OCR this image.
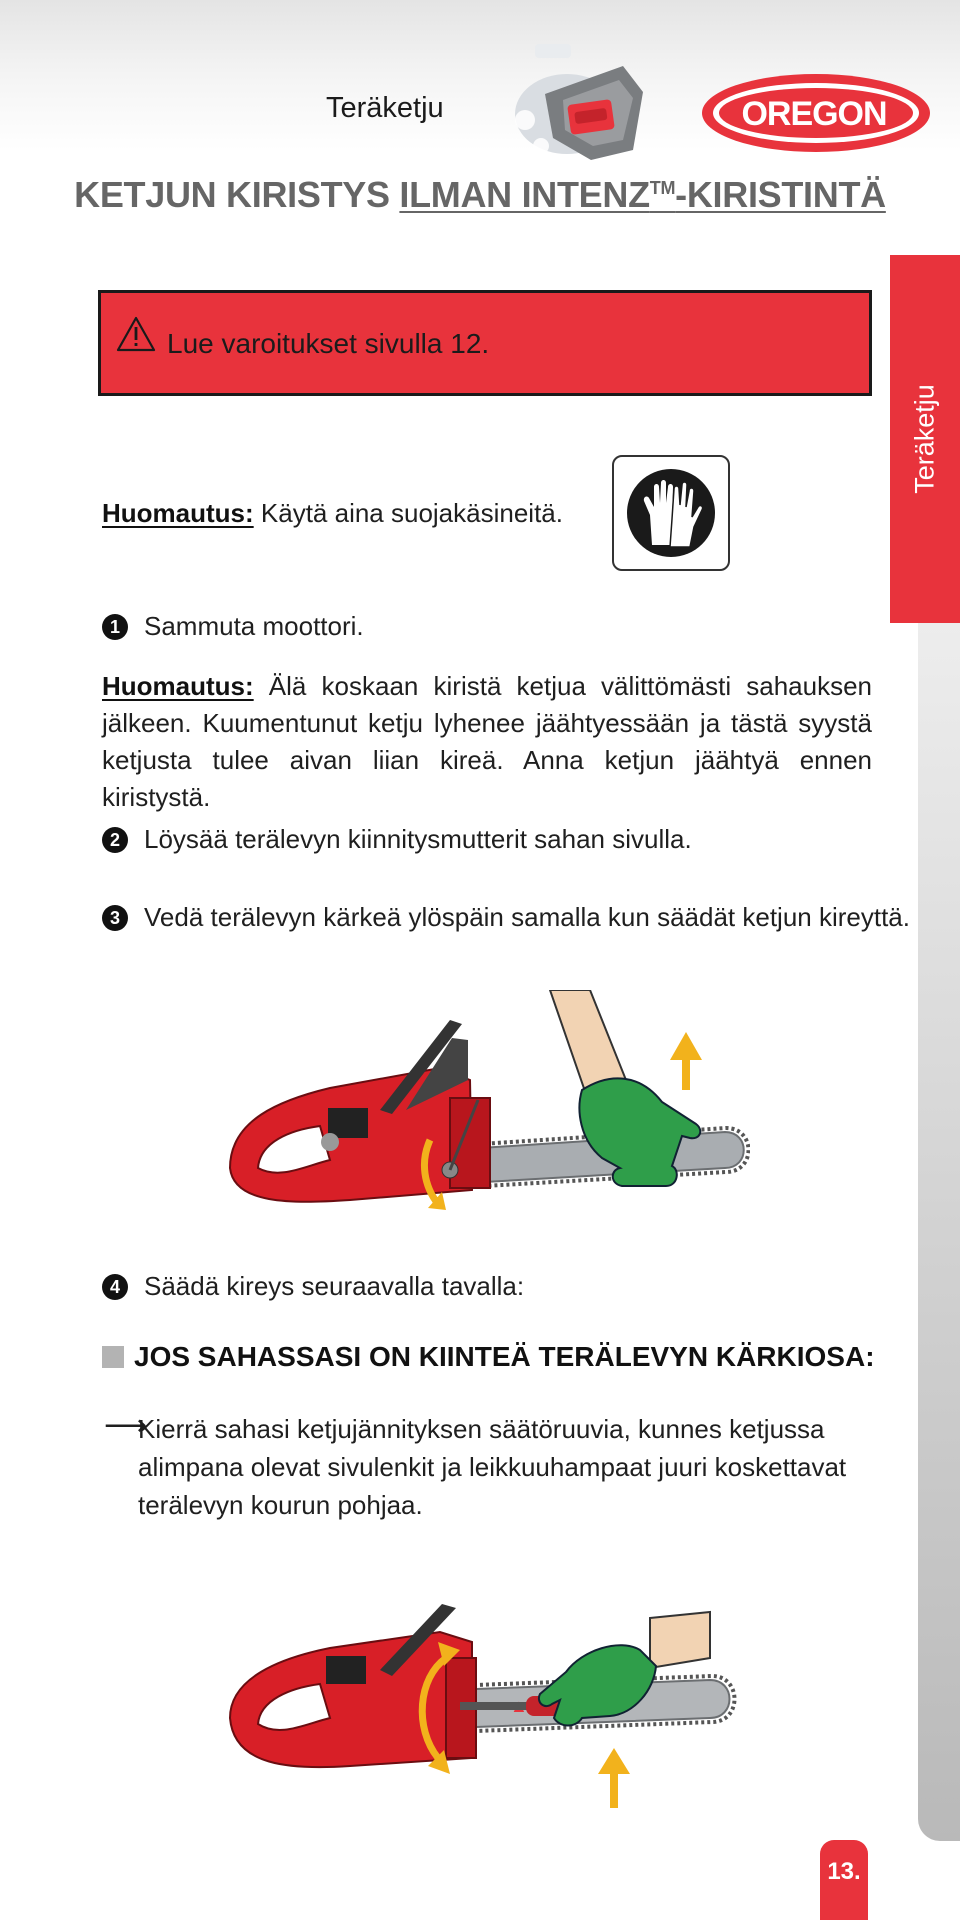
Teräketju	OREGON
KETJUN KIRISTYS ILMAN INTENZ™-KIRISTINTÄ
Teräketju
Lue varoitukset sivulla 12.
Huomautus: Käytä aina suojakäsineitä.
1 Sammuta moottori.
Huomautus: Älä koskaan kiristä ketjua välittömästi sahauksen jälkeen. Kuumentunut ketju lyhenee jäähtyessään ja tästä syystä ketjusta tulee aivan liian kireä. Anna ketjun jäähtyä ennen kiristystä.
2 Löysää terälevyn kiinnitysmutterit sahan sivulla.
3 Vedä terälevyn kärkeä ylöspäin samalla kun säädät ketjun kireyttä.
4 Säädä kireys seuraavalla tavalla:
JOS SAHASSASI ON KIINTEÄ TERÄLEVYN KÄRKIOSA:
⟶
Kierrä sahasi ketjujännityksen säätöruuvia, kunnes ketjussa alimpana olevat sivulenkit ja leikkuuhampaat juuri koskettavat terälevyn kourun pohjaa.
13.
